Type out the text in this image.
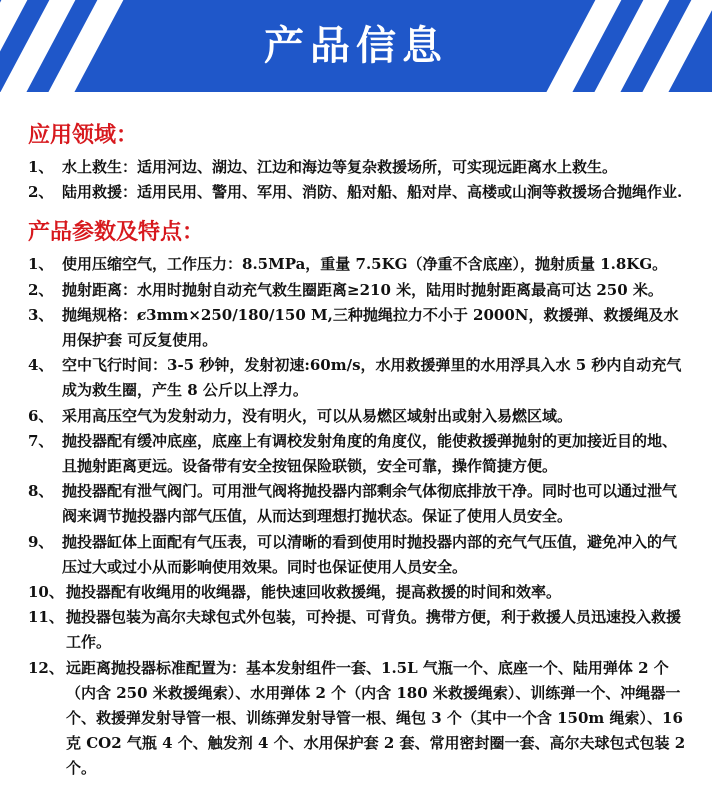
产品信息
应用领域：
1、 水上救生：适用河边、湖边、江边和海边等复杂救援场所，可实现远距离水上救生。
2、 陆用救援：适用民用、警用、军用、消防、船对船、船对岸、高楼或山涧等救援场合抛绳作业.
产品参数及特点：
1、 使用压缩空气，工作压力：8.5MPa，重量 7.5KG（净重不含底座），抛射质量 1.8KG。
2、 抛射距离：水用时抛射自动充气救生圈距离≥210 米，陆用时抛射距离最高可达 250 米。
3、 抛绳规格：ȼ3mm×250/180/150 M,三种抛绳拉力不小于 2000N，救援弹、救援绳及水用保护套 可反复使用。
4、 空中飞行时间：3-5 秒钟，发射初速:60m/s，水用救援弹里的水用浮具入水 5 秒内自动充气成为救生圈，产生 8 公斤以上浮力。
6、 采用高压空气为发射动力，没有明火，可以从易燃区域射出或射入易燃区域。
7、 抛投器配有缓冲底座，底座上有调校发射角度的角度仪，能使救援弹抛射的更加接近目的地、且抛射距离更远。设备带有安全按钮保险联锁，安全可靠，操作简捷方便。
8、 抛投器配有泄气阀门。可用泄气阀将抛投器内部剩余气体彻底排放干净。同时也可以通过泄气阀来调节抛投器内部气压值，从而达到理想打抛状态。保证了使用人员安全。
9、 抛投器缸体上面配有气压表，可以清晰的看到使用时抛投器内部的充气气压值，避免冲入的气压过大或过小从而影响使用效果。同时也保证使用人员安全。
10、 抛投器配有收绳用的收绳器，能快速回收救援绳，提高救援的时间和效率。
11、 抛投器包装为高尔夫球包式外包装，可拎提、可背负。携带方便，利于救援人员迅速投入救援工作。
12、 远距离抛投器标准配置为：基本发射组件一套、1.5L 气瓶一个、底座一个、陆用弹体 2 个（内含 250 米救援绳索）、水用弹体 2 个（内含 180 米救援绳索）、训练弹一个、冲绳器一个、救援弹发射导管一根、训练弹发射导管一根、绳包 3 个（其中一个含 150m 绳索）、16 克 CO2 气瓶 4 个、触发剂 4 个、水用保护套 2 套、常用密封圈一套、高尔夫球包式包装 2 个。
